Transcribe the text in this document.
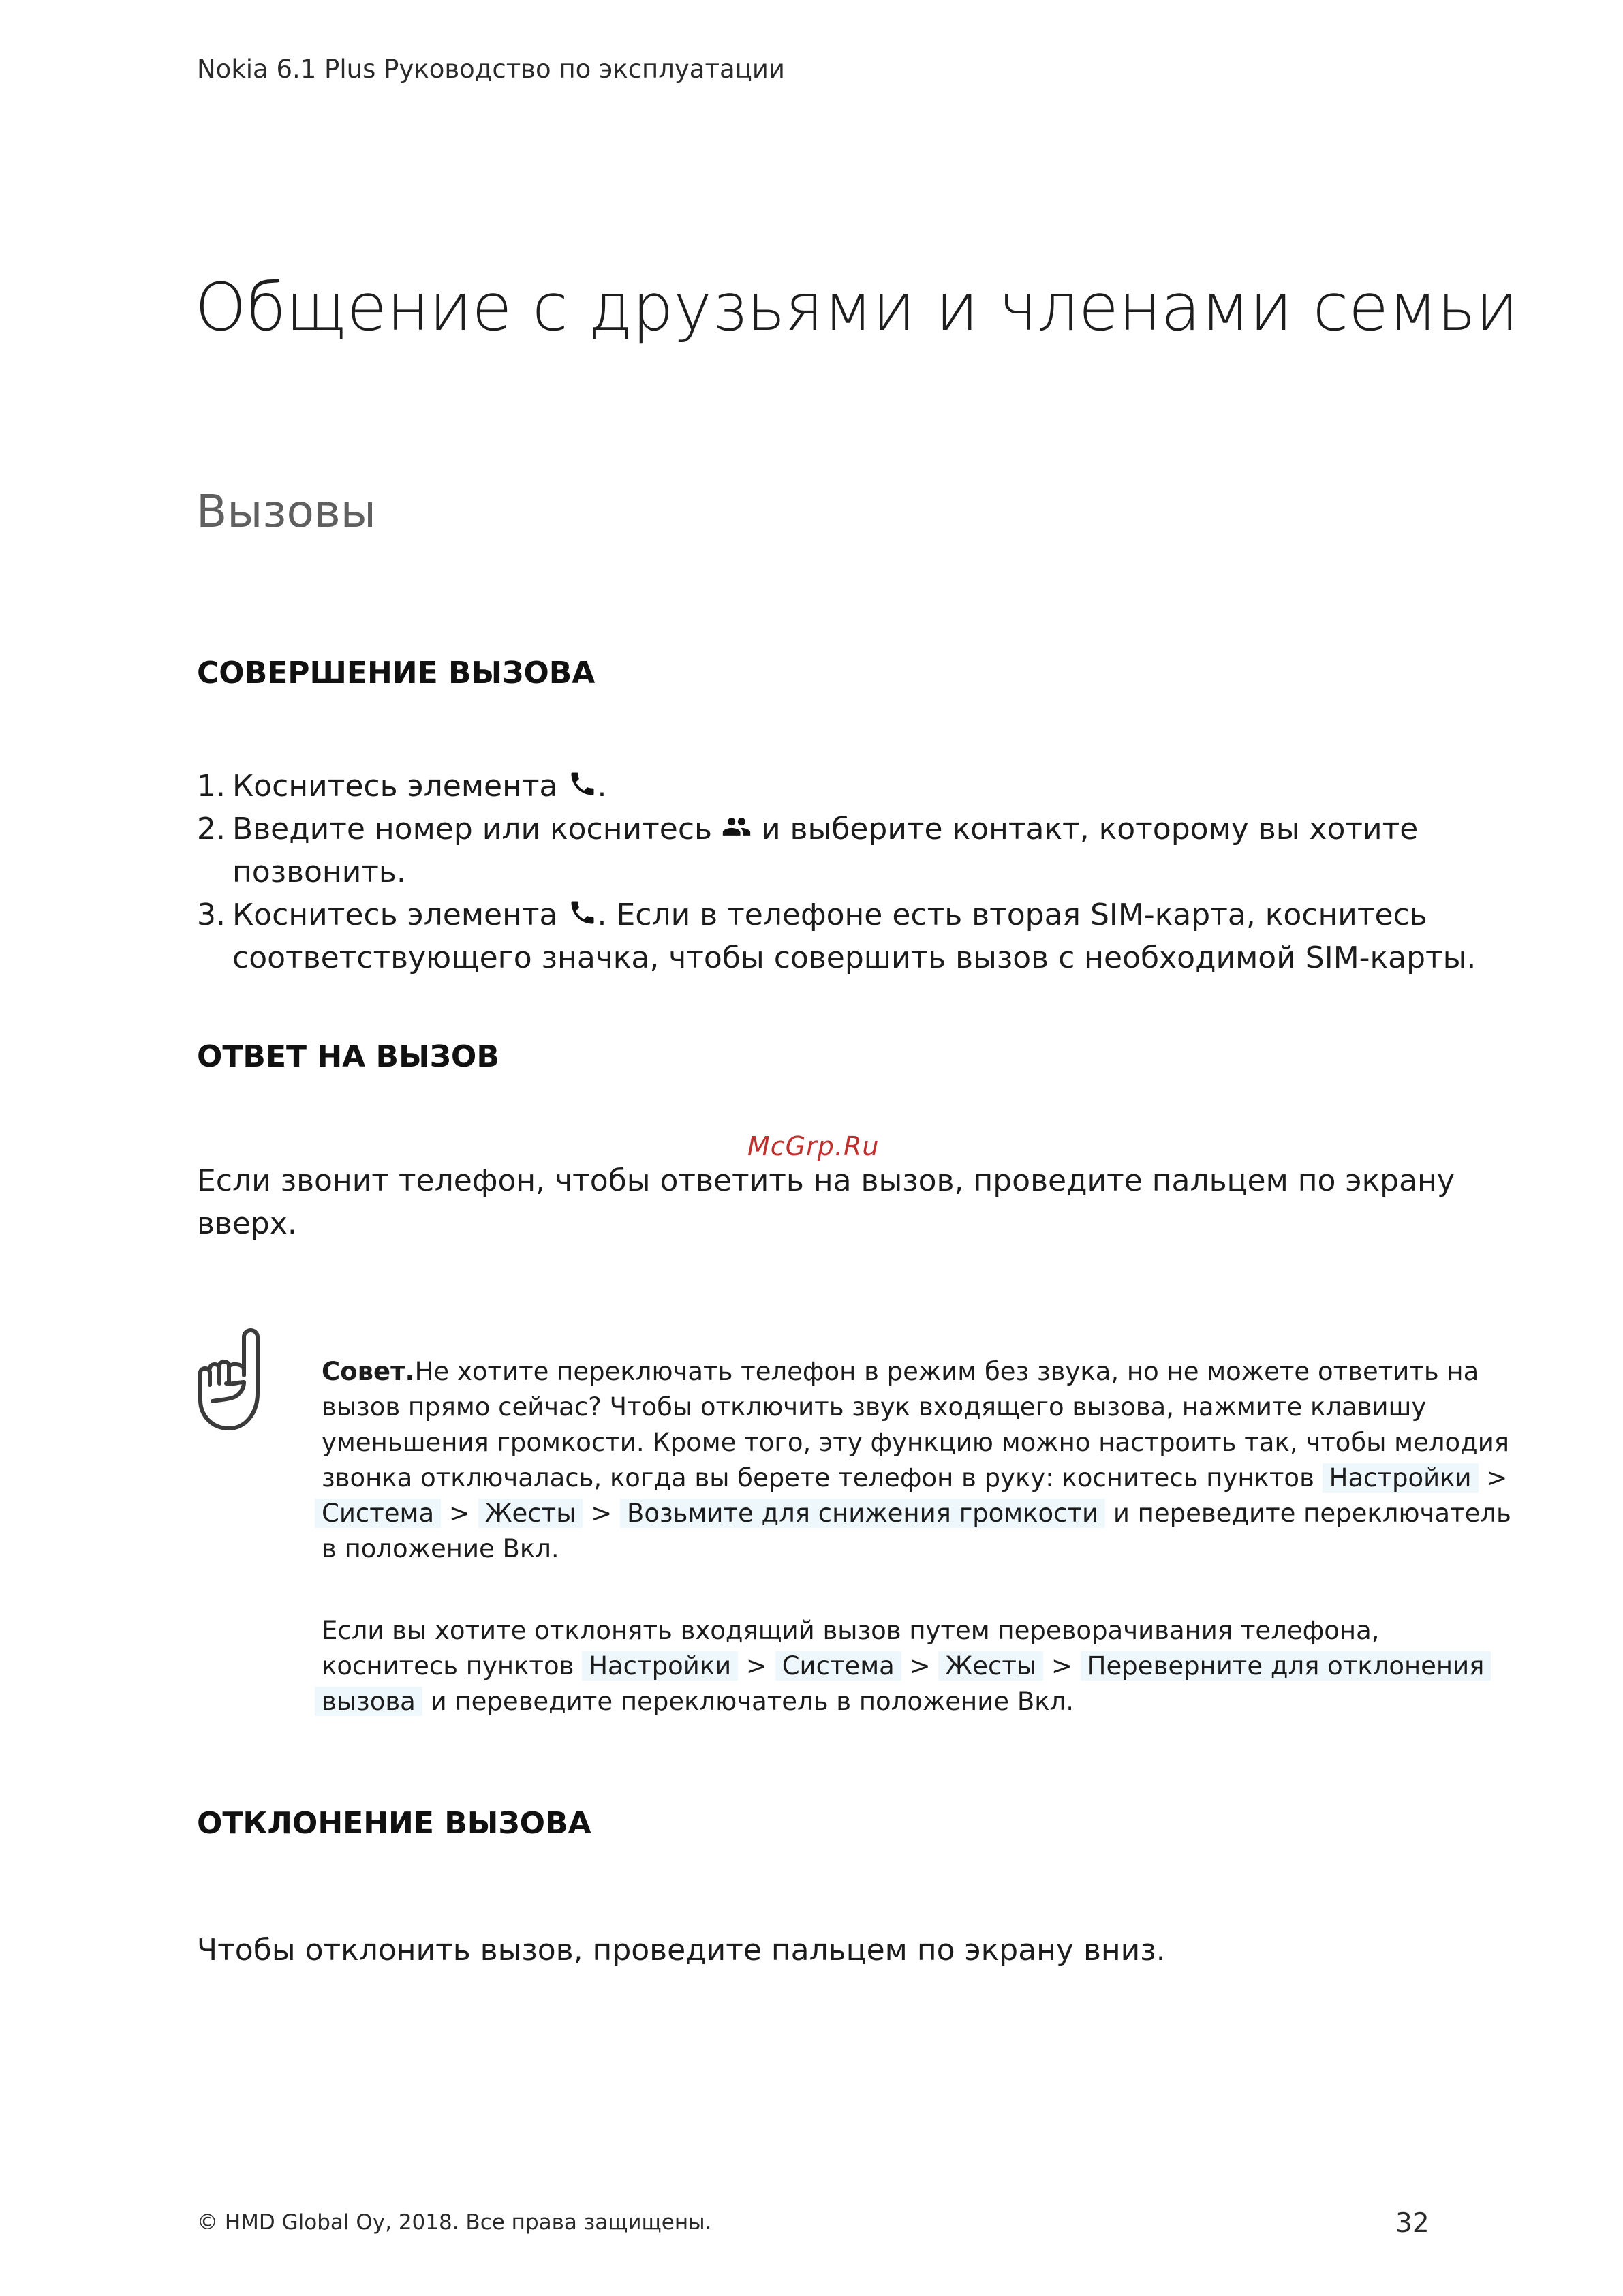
Nokia 6.1 Plus Руководство по эксплуатации
Общение с друзьями и членами семьи
Вызовы
СОВЕРШЕНИЕ ВЫЗОВА
1. Коснитесь элемента .
2. Введите номер или коснитесь и выберите контакт, которому вы хотите
позвонить.
3. Коснитесь элемента . Если в телефоне есть вторая SIM-карта, коснитесь
соответствующего значка, чтобы совершить вызов с необходимой SIM-карты.
ОТВЕТ НА ВЫЗОВ
McGrp.Ru
Если звонит телефон, чтобы ответить на вызов, проведите пальцем по экрану
вверх.
Совет.Не хотите переключать телефон в режим без звука, но не можете ответить на
вызов прямо сейчас? Чтобы отключить звук входящего вызова, нажмите клавишу
уменьшения громкости. Кроме того, эту функцию можно настроить так, чтобы мелодия
звонка отключалась, когда вы берете телефон в руку: коснитесь пунктов Настройки >
Система > Жесты > Возьмите для снижения громкости и переведите переключатель
в положение Вкл.
Если вы хотите отклонять входящий вызов путем переворачивания телефона,
коснитесь пунктов Настройки > Система > Жесты > Переверните для отклонения
вызова и переведите переключатель в положение Вкл.
ОТКЛОНЕНИЕ ВЫЗОВА
Чтобы отклонить вызов, проведите пальцем по экрану вниз.
© HMD Global Oy, 2018. Все права защищены.	32
